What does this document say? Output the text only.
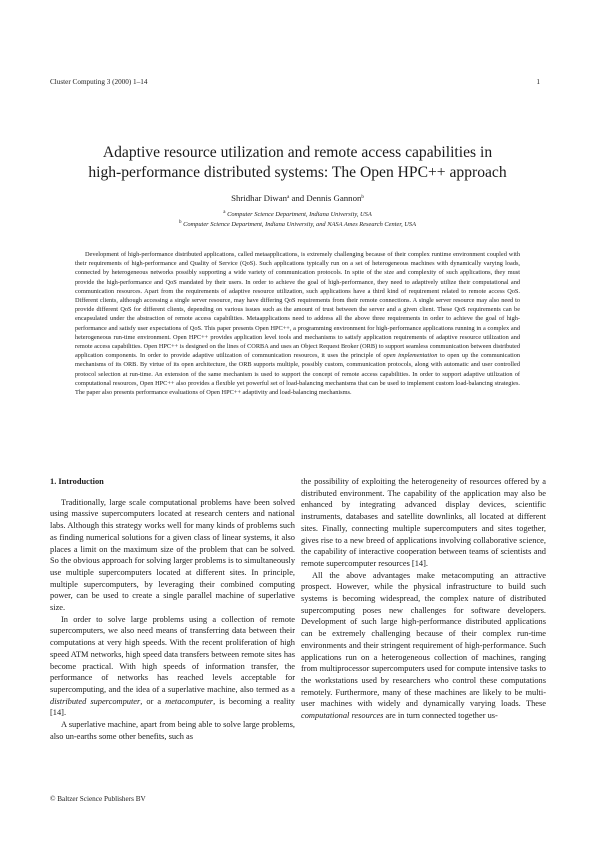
Cluster Computing 3 (2000) 1–14	1
Adaptive resource utilization and remote access capabilities in
high-performance distributed systems: The Open HPC++ approach
Shridhar Diwan$^a$ and Dennis Gannon$^b$
$^a$ Computer Science Department, Indiana University, USA
$^b$ Computer Science Department, Indiana University, and NASA Ames Research Center, USA

Development of high-performance distributed applications, called metaapplications, is extremely challenging because of their complex runtime environment coupled with their requirements of high-performance and Quality of Service (QoS). Such applications typically run on a set of heterogeneous machines with dynamically varying loads, connected by heterogeneous networks possibly supporting a wide variety of communication protocols. In spite of the size and complexity of such applications, they must provide the high-performance and QoS mandated by their users. In order to achieve the goal of high-performance, they need to adaptively utilize their computational and communication resources. Apart from the requirements of adaptive resource utilization, such applications have a third kind of requirement related to remote access QoS. Different clients, although accessing a single server resource, may have differing QoS requirements from their remote connections. A single server resource may also need to provide different QoS for different clients, depending on various issues such as the amount of trust between the server and a given client. These QoS requirements can be encapsulated under the abstraction of remote access capabilities. Metaapplications need to address all the above three requirements in order to achieve the goal of high-performance and satisfy user expectations of QoS. This paper presents Open HPC++, a programming environment for high-performance applications running in a complex and heterogeneous run-time environment. Open HPC++ provides application level tools and mechanisms to satisfy application requirements of adaptive resource utilization and remote access capabilities. Open HPC++ is designed on the lines of CORBA and uses an Object Request Broker (ORB) to support seamless communication between distributed application components. In order to provide adaptive utilization of communication resources, it uses the principle of open implementation to open up the communication mechanisms of its ORB. By virtue of its open architecture, the ORB supports multiple, possibly custom, communication protocols, along with automatic and user controlled protocol selection at run-time. An extension of the same mechanism is used to support the concept of remote access capabilities. In order to support adaptive utilization of computational resources, Open HPC++ also provides a flexible yet powerful set of load-balancing mechanisms that can be used to implement custom load-balancing strategies. The paper also presents performance evaluations of Open HPC++ adaptivity and load-balancing mechanisms.

1. Introduction

Traditionally, large scale computational problems have been solved using massive supercomputers located at research centers and national labs. Although this strategy works well for many kinds of problems such as finding numerical solutions for a given class of linear systems, it also places a limit on the maximum size of the problem that can be solved. So the obvious approach for solving larger problems is to simultaneously use multiple supercomputers located at different sites. In principle, multiple supercomputers, by leveraging their combined computing power, can be used to create a single parallel machine of superlative size.

In order to solve large problems using a collection of remote supercomputers, we also need means of transferring data between their computations at very high speeds. With the recent proliferation of high speed ATM networks, high speed data transfers between remote sites has become practical. With high speeds of information transfer, the performance of networks has reached levels acceptable for supercomputing, and the idea of a superlative machine, also termed as a distributed supercomputer, or a metacomputer, is becoming a reality [14].

A superlative machine, apart from being able to solve large problems, also un-earths some other benefits, such as

the possibility of exploiting the heterogeneity of resources offered by a distributed environment. The capability of the application may also be enhanced by integrating advanced display devices, scientific instruments, databases and satellite downlinks, all located at different sites. Finally, connecting multiple supercomputers and sites together, gives rise to a new breed of applications involving collaborative science, the capability of interactive cooperation between teams of scientists and remote supercomputer resources [14].

All the above advantages make metacomputing an attractive prospect. However, while the physical infrastructure to build such systems is becoming widespread, the complex nature of distributed supercomputing poses new challenges for software developers. Development of such large high-performance distributed applications can be extremely challenging because of their complex run-time environments and their stringent requirement of high-performance. Such applications run on a heterogeneous collection of machines, ranging from multiprocessor supercomputers used for compute intensive tasks to the workstations used by researchers who control these computations remotely. Furthermore, many of these machines are likely to be multi-user machines with widely and dynamically varying loads. These computational resources are in turn connected together us-

© Baltzer Science Publishers BV
